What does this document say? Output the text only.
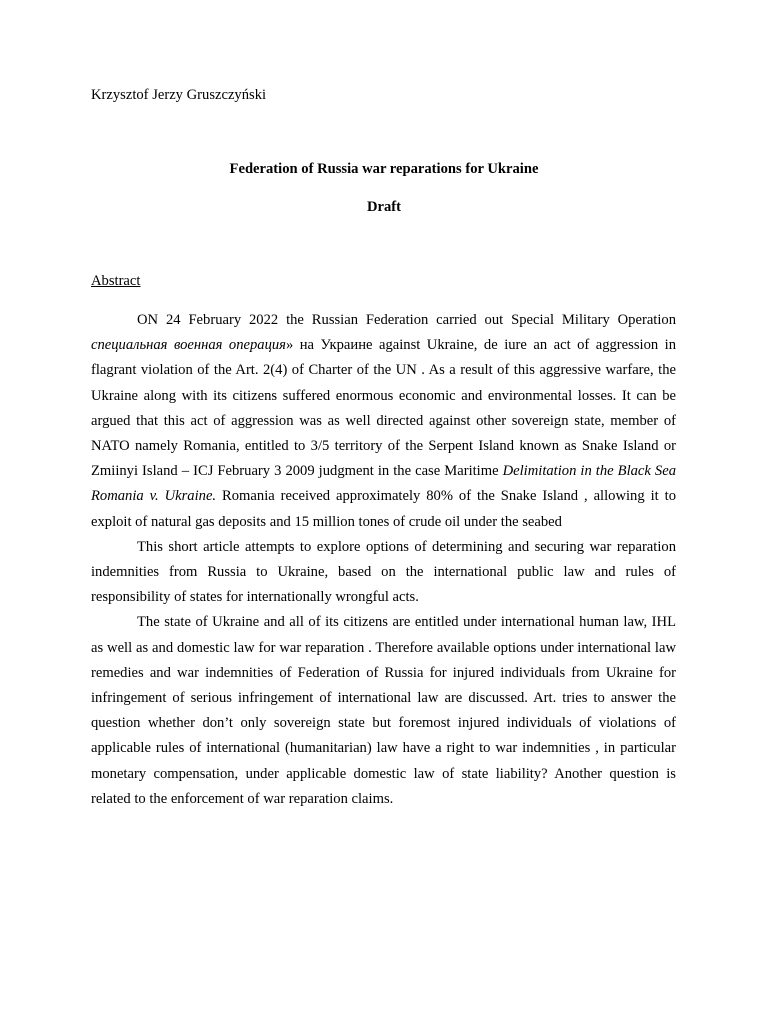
Krzysztof Jerzy Gruszczyński
Federation of Russia war reparations for Ukraine
Draft
Abstract

ON 24 February 2022 the Russian Federation carried out Special Military Operation специальная военная операция» на Украине against Ukraine, de iure an act of aggression in flagrant violation of the Art. 2(4) of Charter of the UN . As a result of this aggressive warfare, the Ukraine along with its citizens suffered enormous economic and environmental losses. It can be argued that this act of aggression was as well directed against other sovereign state, member of NATO namely Romania, entitled to 3/5 territory of the Serpent Island known as Snake Island or Zmiinyi Island – ICJ February 3 2009 judgment in the case Maritime Delimitation in the Black Sea Romania v. Ukraine. Romania received approximately 80% of the Snake Island , allowing it to exploit of natural gas deposits and 15 million tones of crude oil under the seabed

This short article attempts to explore options of determining and securing war reparation indemnities from Russia to Ukraine, based on the international public law and rules of responsibility of states for internationally wrongful acts.

The state of Ukraine and all of its citizens are entitled under international human law, IHL as well as and domestic law for war reparation . Therefore available options under international law remedies and war indemnities of Federation of Russia for injured individuals from Ukraine for infringement of serious infringement of international law are discussed. Art. tries to answer the question whether don’t only sovereign state but foremost injured individuals of violations of applicable rules of international (humanitarian) law have a right to war indemnities , in particular monetary compensation, under applicable domestic law of state liability? Another question is related to the enforcement of war reparation claims.
